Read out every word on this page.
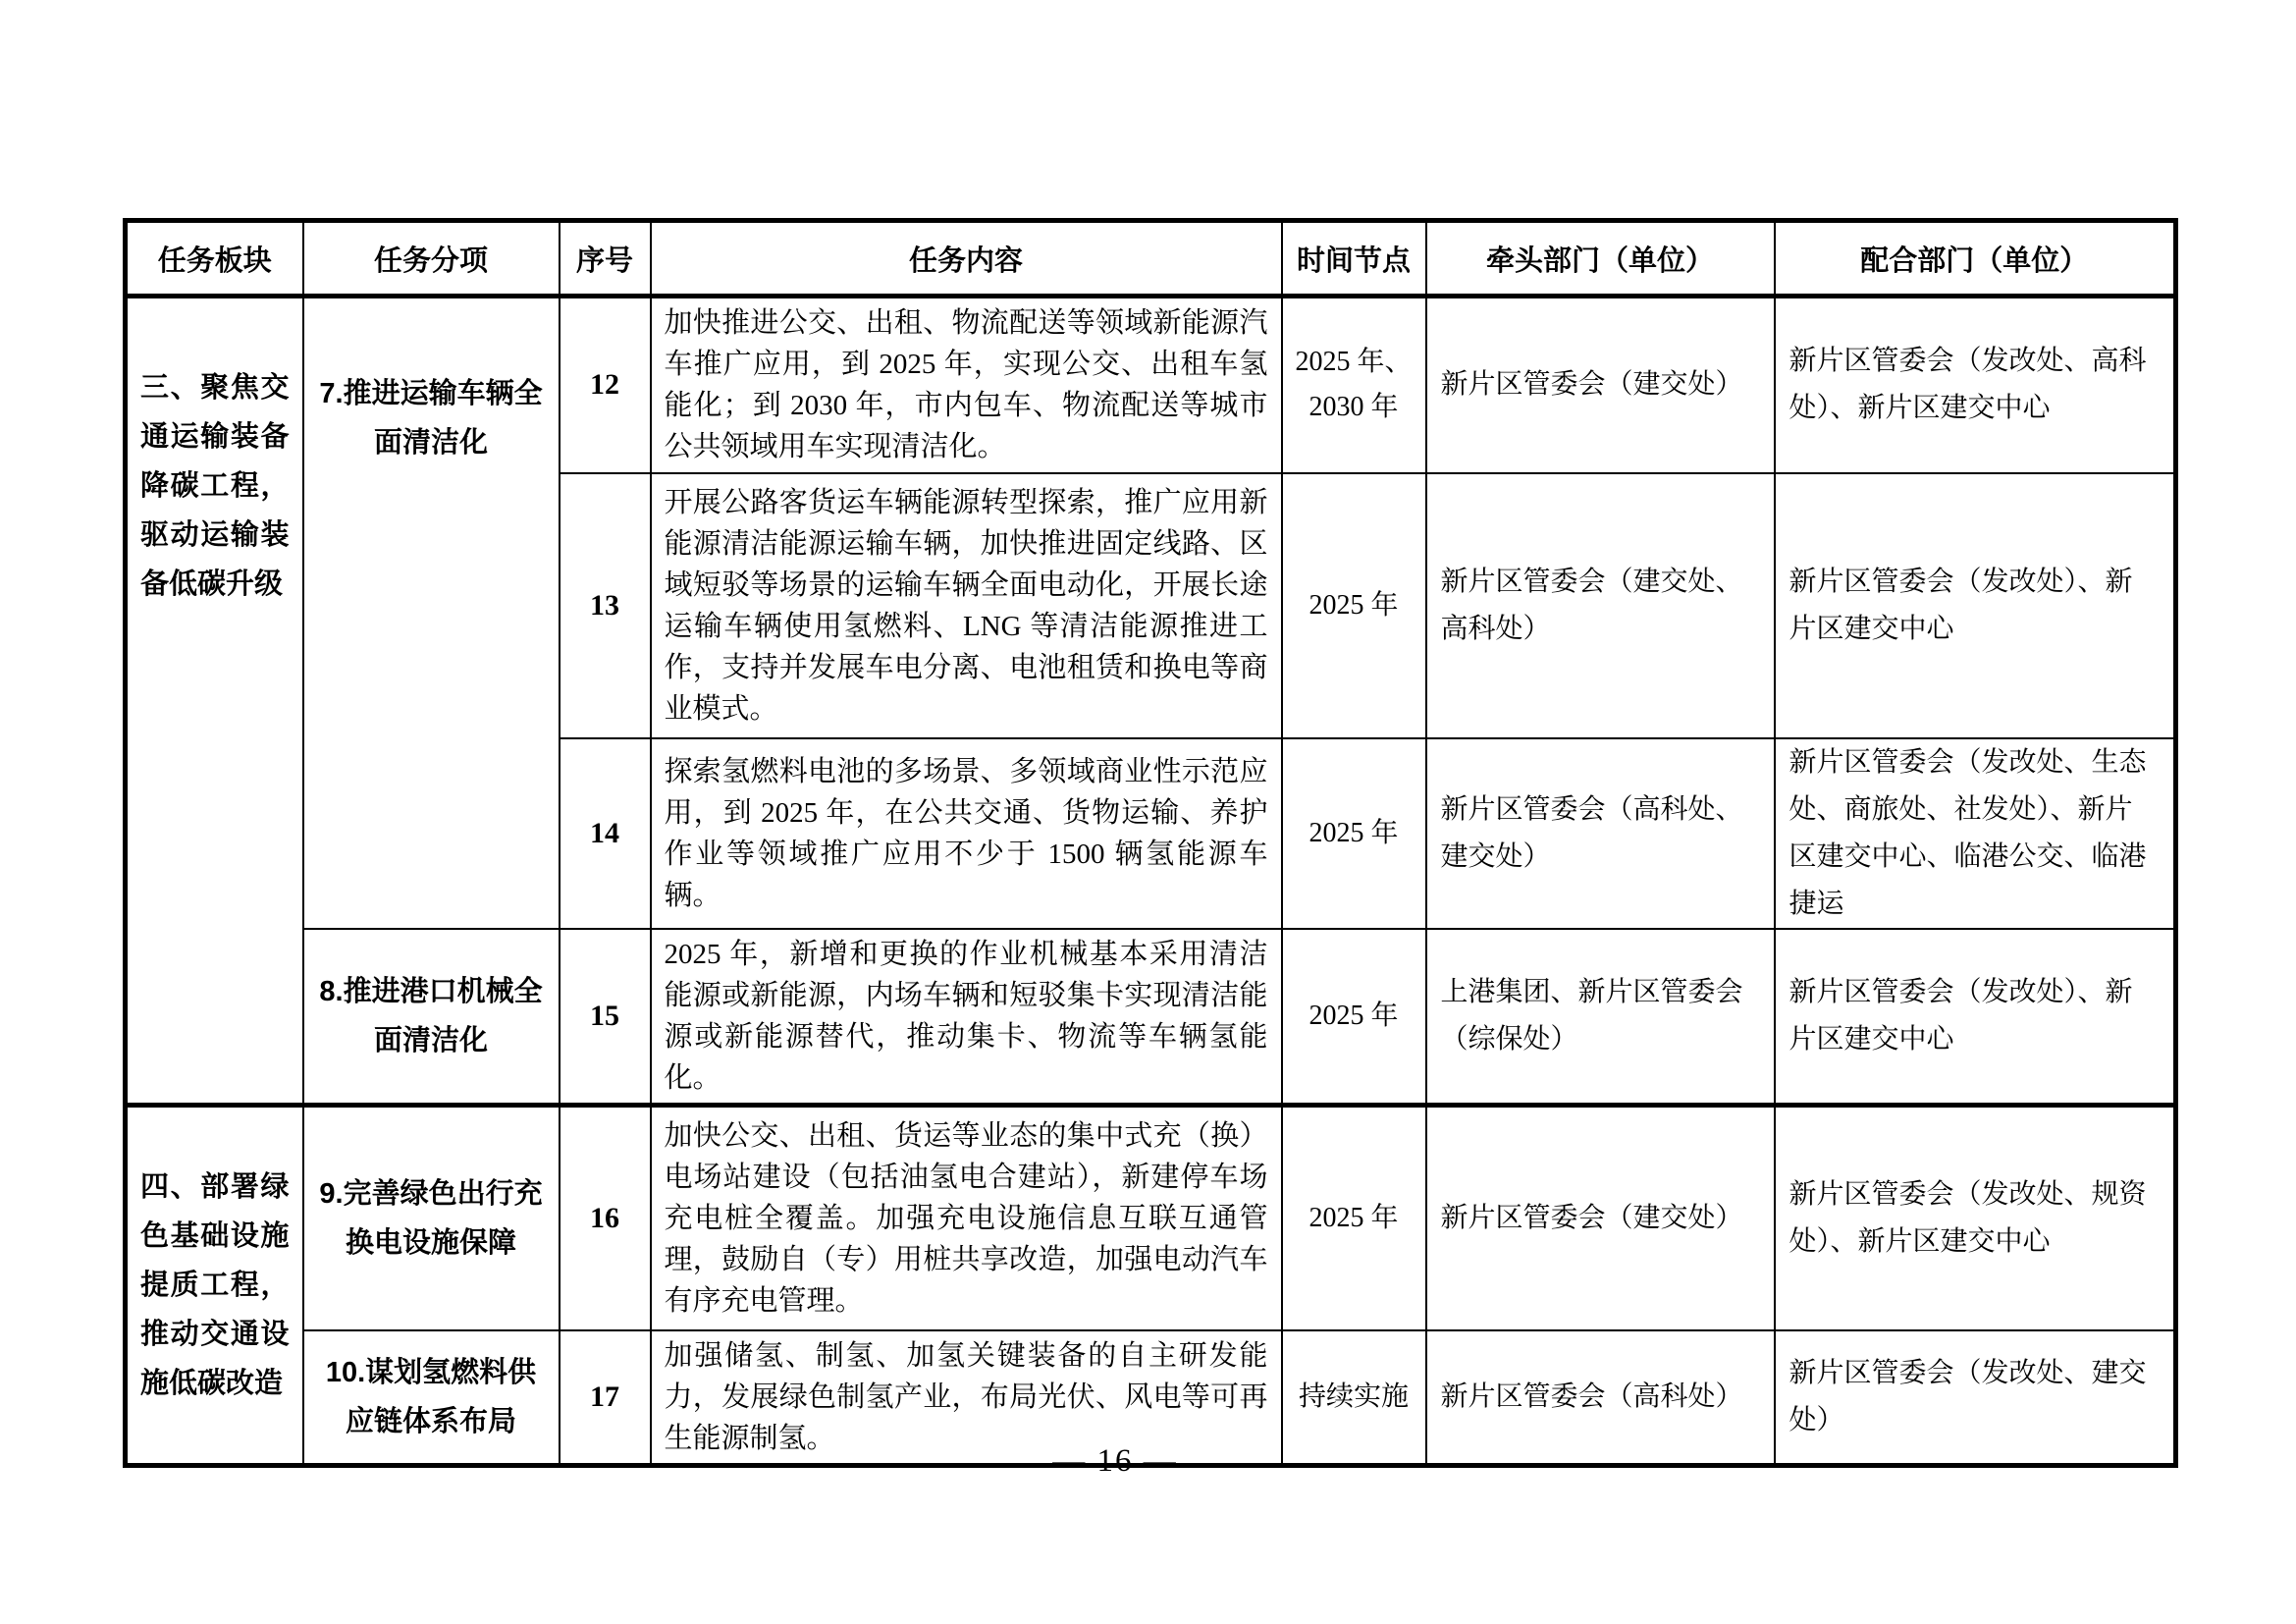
任务板块	任务分项	序号	任务内容	时间节点	牵头部门（单位）	配合部门（单位）
三、聚焦交通运输装备降碳工程，驱动运输装备低碳升级	7.推进运输车辆全面清洁化	12	加快推进公交、出租、物流配送等领域新能源汽车推广应用，到 2025 年，实现公交、出租车氢能化；到 2030 年，市内包车、物流配送等城市公共领域用车实现清洁化。	2025 年、2030 年	新片区管委会（建交处）	新片区管委会（发改处、高科处）、新片区建交中心
		13	开展公路客货运车辆能源转型探索，推广应用新能源清洁能源运输车辆，加快推进固定线路、区域短驳等场景的运输车辆全面电动化，开展长途运输车辆使用氢燃料、LNG 等清洁能源推进工作，支持并发展车电分离、电池租赁和换电等商业模式。	2025 年	新片区管委会（建交处、高科处）	新片区管委会（发改处）、新片区建交中心
		14	探索氢燃料电池的多场景、多领域商业性示范应用，到 2025 年，在公共交通、货物运输、养护作业等领域推广应用不少于 1500 辆氢能源车辆。	2025 年	新片区管委会（高科处、建交处）	新片区管委会（发改处、生态处、商旅处、社发处）、新片区建交中心、临港公交、临港捷运
	8.推进港口机械全面清洁化	15	2025 年，新增和更换的作业机械基本采用清洁能源或新能源，内场车辆和短驳集卡实现清洁能源或新能源替代，推动集卡、物流等车辆氢能化。	2025 年	上港集团、新片区管委会（综保处）	新片区管委会（发改处）、新片区建交中心
四、部署绿色基础设施提质工程，推动交通设施低碳改造	9.完善绿色出行充换电设施保障	16	加快公交、出租、货运等业态的集中式充（换）电场站建设（包括油氢电合建站），新建停车场充电桩全覆盖。加强充电设施信息互联互通管理，鼓励自（专）用桩共享改造，加强电动汽车有序充电管理。	2025 年	新片区管委会（建交处）	新片区管委会（发改处、规资处）、新片区建交中心
	10.谋划氢燃料供应链体系布局	17	加强储氢、制氢、加氢关键装备的自主研发能力，发展绿色制氢产业，布局光伏、风电等可再生能源制氢。	持续实施	新片区管委会（高科处）	新片区管委会（发改处、建交处）
— 16 —
